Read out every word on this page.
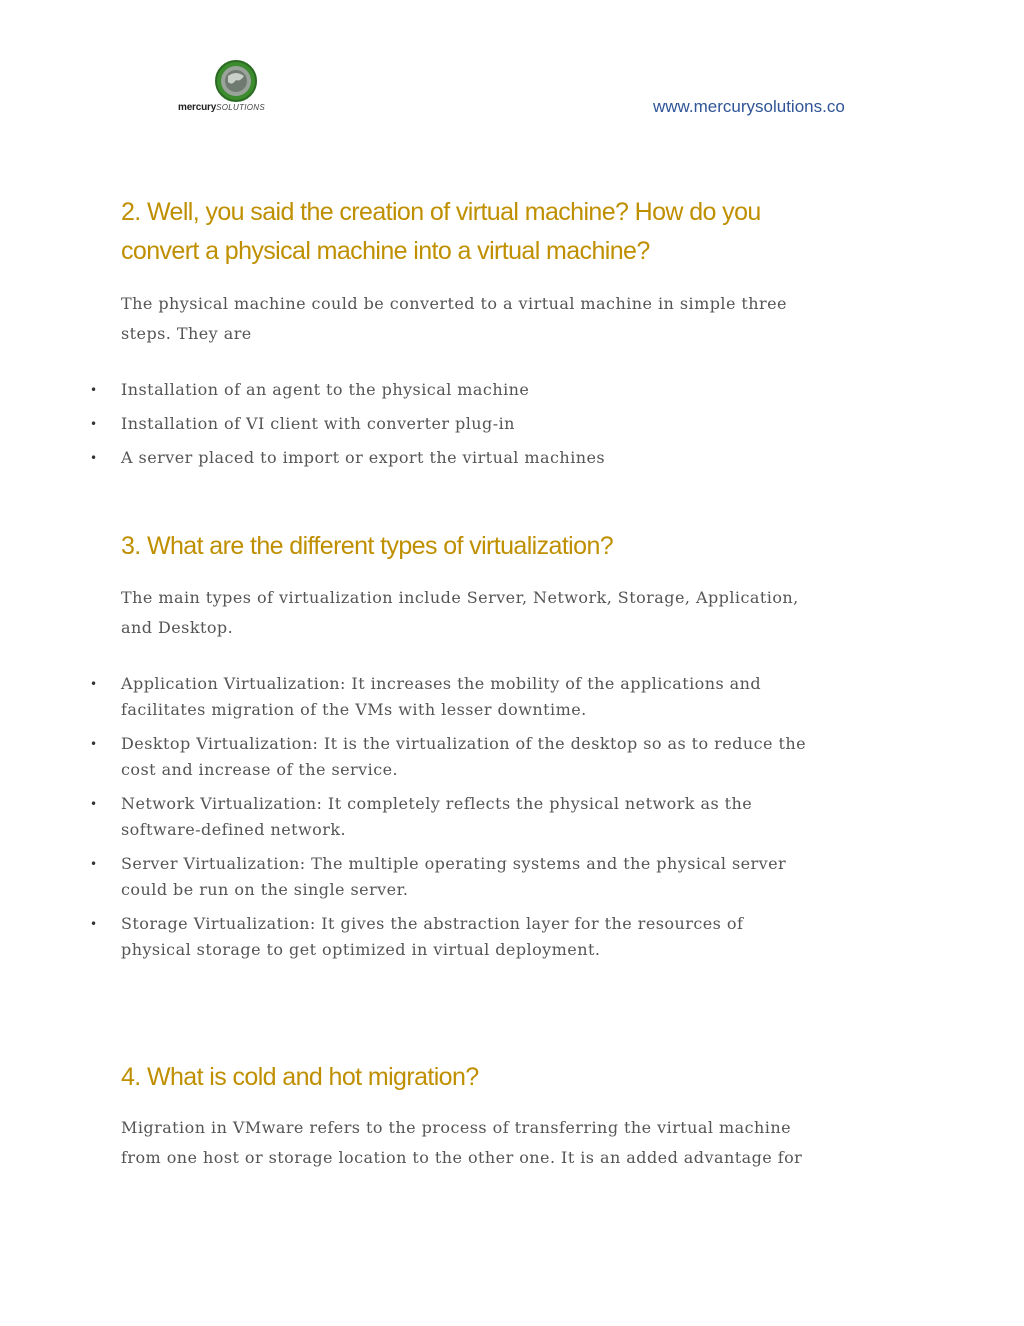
mercurySOLUTIONS	www.mercurysolutions.co
2. Well, you said the creation of virtual machine? How do you
convert a physical machine into a virtual machine?

The physical machine could be converted to a virtual machine in simple three
steps. They are

• Installation of an agent to the physical machine
• Installation of VI client with converter plug-in
• A server placed to import or export the virtual machines
3. What are the different types of virtualization?

The main types of virtualization include Server, Network, Storage, Application,
and Desktop.

• Application Virtualization: It increases the mobility of the applications and
facilitates migration of the VMs with lesser downtime.
• Desktop Virtualization: It is the virtualization of the desktop so as to reduce the
cost and increase of the service.
• Network Virtualization: It completely reflects the physical network as the
software-defined network.
• Server Virtualization: The multiple operating systems and the physical server
could be run on the single server.
• Storage Virtualization: It gives the abstraction layer for the resources of
physical storage to get optimized in virtual deployment.
4. What is cold and hot migration?

Migration in VMware refers to the process of transferring the virtual machine
from one host or storage location to the other one. It is an added advantage for
